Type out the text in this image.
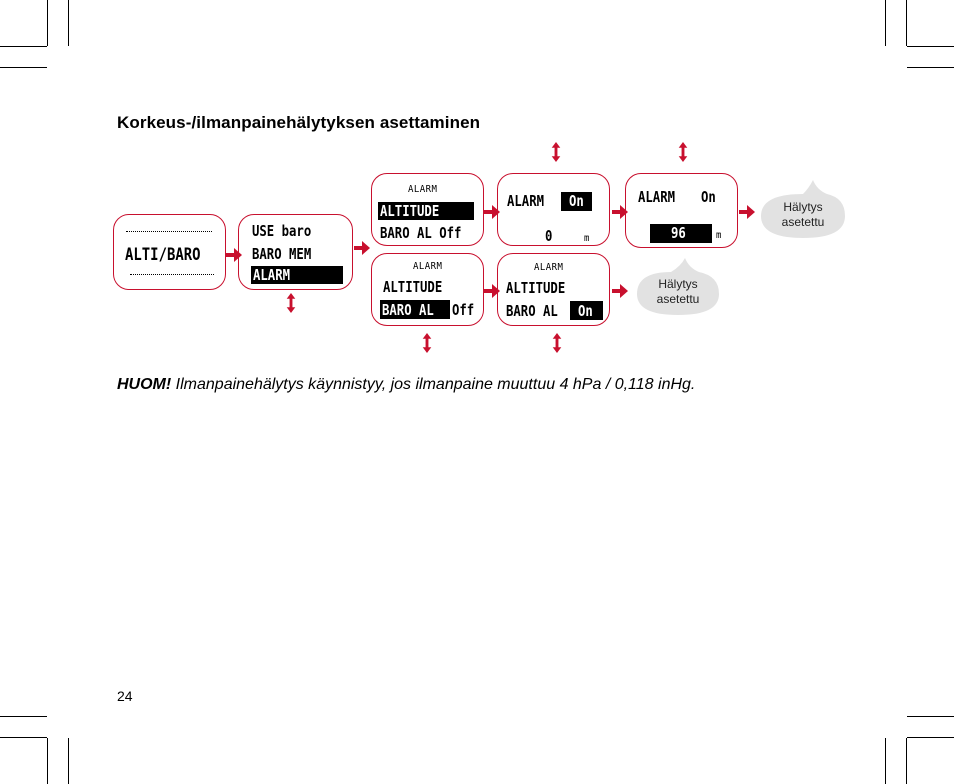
Korkeus-/ilmanpainehälytyksen asettaminen
ALTI/BARO
USE baro
BARO MEM
ALARM
ALARM
ALTITUDE
BARO AL Off
ALARM
ALTITUDE
BARO AL Off
ALARM On
0	m
ALARM
ALTITUDE
BARO AL On
ALARM On
96	m
Hälytys
asetettu
Hälytys
asetettu
HUOM! Ilmanpainehälytys käynnistyy, jos ilmanpaine muuttuu 4 hPa / 0,118 inHg.
24
